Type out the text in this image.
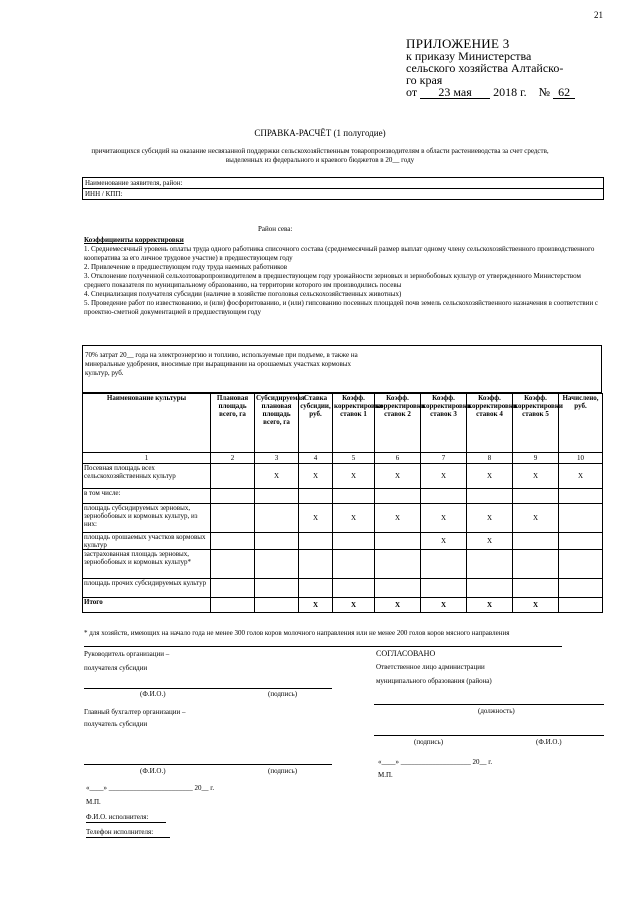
21
ПРИЛОЖЕНИЕ 3
к приказу Министерства
сельского хозяйства Алтайско-
го края
от 23 мая 2018 г. № 62
СПРАВКА-РАСЧЁТ (1 полугодие)
причитающихся субсидий на оказание несвязанной поддержки сельскохозяйственным товаропроизводителям в области растениеводства за счет средств, выделенных из федерального и краевого бюджетов в 20__ году
Наименование заявителя, район:
ИНН / КПП:
Район сева:
Коэффициенты корректировки
1. Среднемесячный уровень оплаты труда одного работника списочного состава (среднемесячный размер выплат одному члену сельскохозяйственного производственного кооператива за его личное трудовое участие) в предшествующем году
2. Привлечение в предшествующем году труда наемных работников
3. Отклонение полученной сельхозтоваропроизводителем в предшествующем году урожайности зерновых и зернобобовых культур от утвержденного Министерством среднего показателя по муниципальному образованию, на территории которого им производились посевы
4. Специализация получателя субсидии (наличие в хозяйстве поголовья сельскохозяйственных животных)
5. Проведение работ по известкованию, и (или) фосфоритованию, и (или) гипсованию посевных площадей почв земель сельскохозяйственного назначения в соответствии с проектно-сметной документацией в предшествующем году
70% затрат 20__ года на электроэнергию и топливо, используемые при подъеме, в также на минеральные удобрения, вносимые при выращивании на орошаемых участках кормовых культур, руб.
Наименование культуры	Плановая площадь всего, га	Субсидируемая плановая площадь всего, га	Ставка субсидии, руб.	Коэфф. корректировки ставок 1	Коэфф. корректировки ставок 2	Коэфф. корректировки ставок 3	Коэфф. корректировки ставок 4	Коэфф. корректировки ставок 5	Начислено, руб.
1	2	3	4	5	6	7	8	9	10
Посевная площадь всех сельскохозяйственных культур		X	X	X	X	X	X	X	X
в том числе:									
площадь субсидируемых зерновых, зернобобовых и кормовых культур, из них:			X	X	X	X	X	X	
площадь орошаемых участков кормовых культур						X	X		
застрахованная площадь зерновых, зернобобовых и кормовых культур*									
площадь прочих субсидируемых культур									
Итого			X	X	X	X	X	X	
* для хозяйств, имеющих на начало года не менее 300 голов коров молочного направления или не менее 200 голов коров мясного направления
Руководитель организации –
получателя субсидии
(Ф.И.О.)	(подпись)
Главный бухгалтер организации –
получатель субсидии
(Ф.И.О.)	(подпись)
«____» ________________________ 20__ г.
М.П.
Ф.И.О. исполнителя:
Телефон исполнителя:
СОГЛАСОВАНО
Ответственное лицо администрации
муниципального образования (района)
(должность)
(подпись)	(Ф.И.О.)
«____» ____________________ 20__ г.
М.П.
